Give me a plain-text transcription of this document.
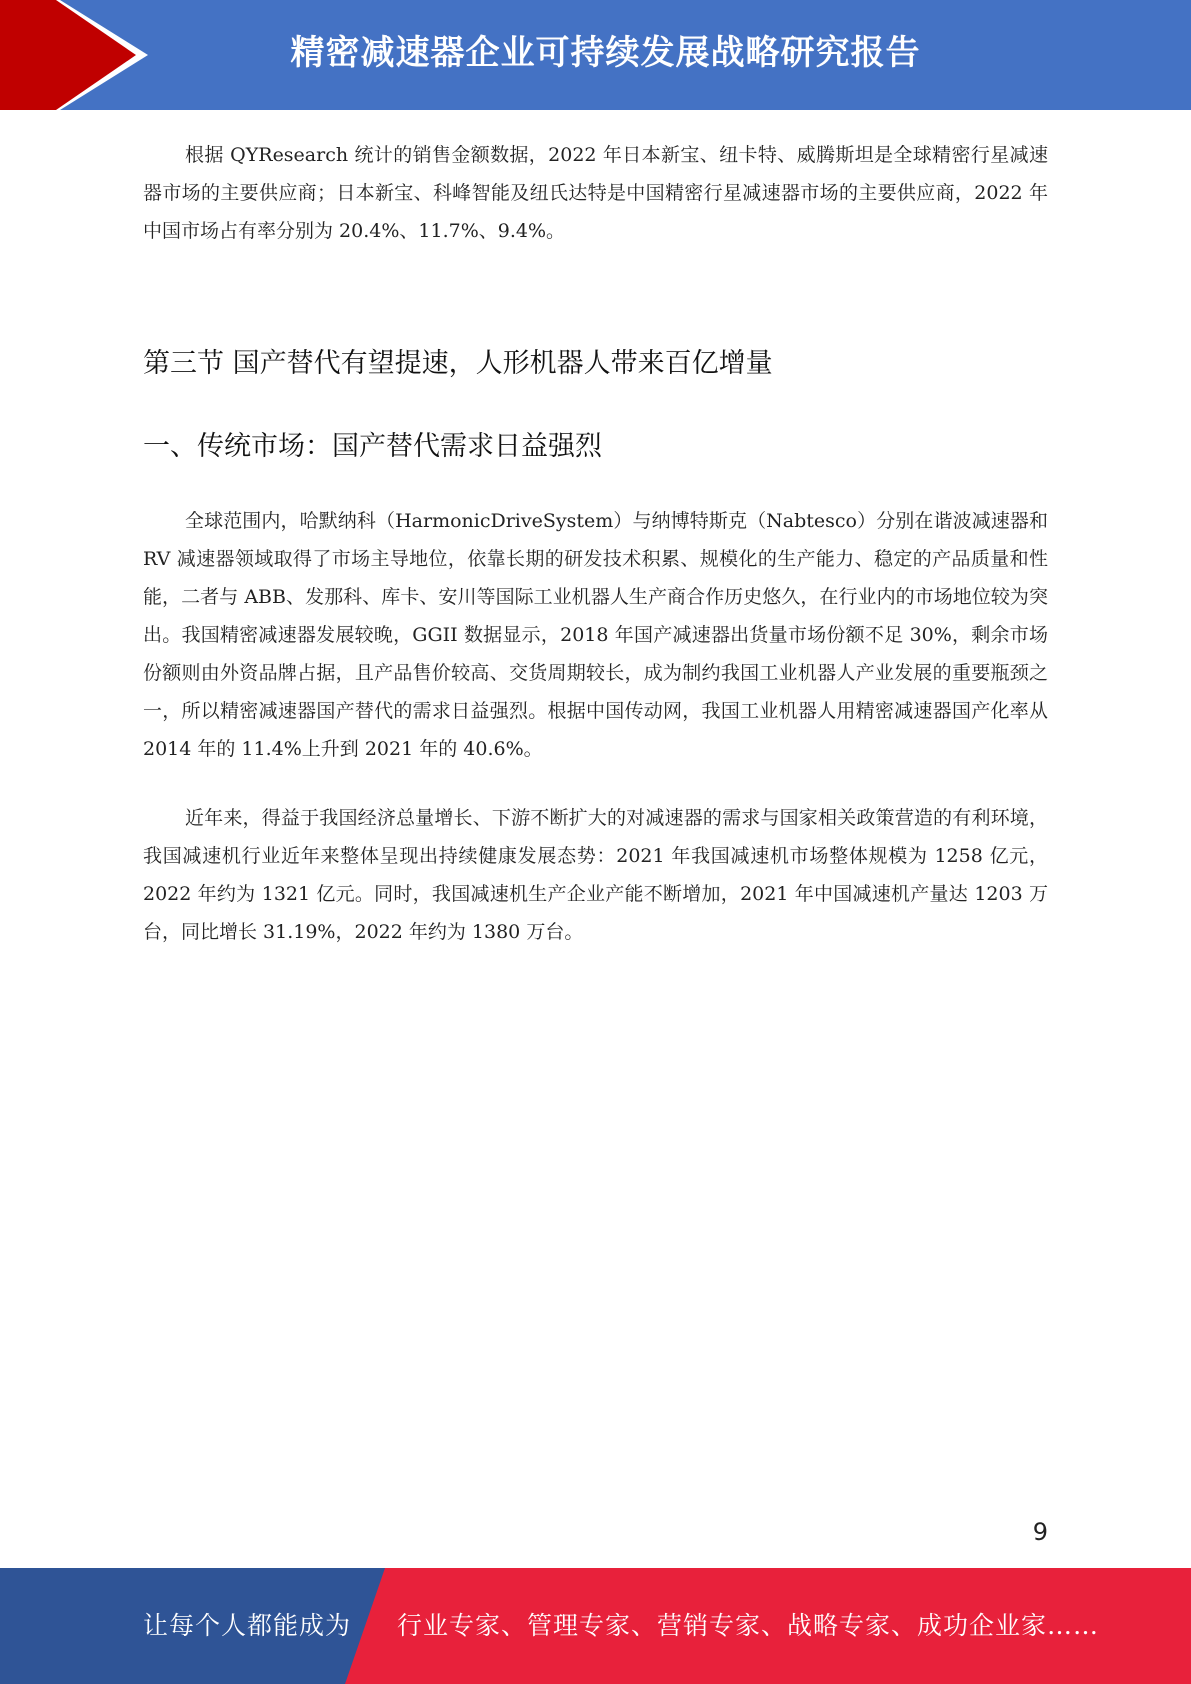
精密减速器企业可持续发展战略研究报告

根据 QYResearch 统计的销售金额数据，2022 年日本新宝、纽卡特、威腾斯坦是全球精密行星减速器市场的主要供应商；日本新宝、科峰智能及纽氏达特是中国精密行星减速器市场的主要供应商，2022 年中国市场占有率分别为 20.4%、11.7%、9.4%。

第三节 国产替代有望提速，人形机器人带来百亿增量
一、传统市场：国产替代需求日益强烈

全球范围内，哈默纳科（HarmonicDriveSystem）与纳博特斯克（Nabtesco）分别在谐波减速器和 RV 减速器领域取得了市场主导地位，依靠长期的研发技术积累、规模化的生产能力、稳定的产品质量和性能，二者与 ABB、发那科、库卡、安川等国际工业机器人生产商合作历史悠久，在行业内的市场地位较为突出。我国精密减速器发展较晚，GGII 数据显示，2018 年国产减速器出货量市场份额不足 30%，剩余市场份额则由外资品牌占据，且产品售价较高、交货周期较长，成为制约我国工业机器人产业发展的重要瓶颈之一，所以精密减速器国产替代的需求日益强烈。根据中国传动网，我国工业机器人用精密减速器国产化率从 2014 年的 11.4%上升到 2021 年的 40.6%。

近年来，得益于我国经济总量增长、下游不断扩大的对减速器的需求与国家相关政策营造的有利环境，我国减速机行业近年来整体呈现出持续健康发展态势：2021 年我国减速机市场整体规模为 1258 亿元，2022 年约为 1321 亿元。同时，我国减速机生产企业产能不断增加，2021 年中国减速机产量达 1203 万台，同比增长 31.19%，2022 年约为 1380 万台。

9
让每个人都能成为 行业专家、管理专家、营销专家、战略专家、成功企业家……
